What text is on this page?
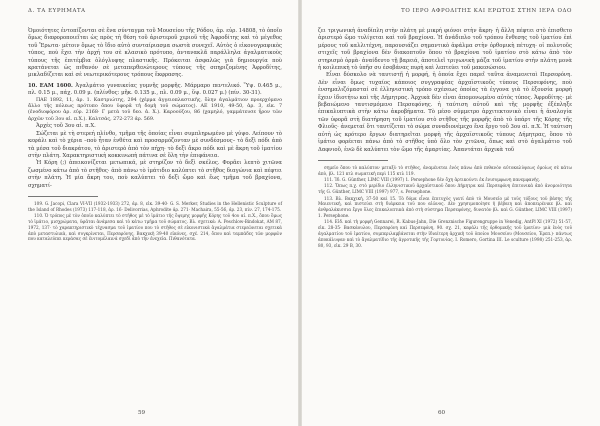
Δ. ΤΑ ΕΥΡΗΜΑΤΑ

Ὁμοιότητες ἐντοπίζονται σὲ ἕνα σύνταγμα τοῦ Μουσείου τῆς Ρόδου, ἀρ. εὑρ. 14808, τὸ ὁποῖο ὅμως διαφοροποιεῖται ὡς πρὸς τὴ θέση τοῦ ἀριστεροῦ χεριοῦ τῆς Ἀφροδίτης καὶ τὸ μέγεθος τοῦ Ἔρωτα· μέτοιν ὅμως τὸ ἴδιο αὐτὸ συνταίριασμα σωστὰ συνεχεῖ. Αὐτὸς ὁ εἰκονογραφικὸς τύπος, ποὺ ἔχει τὴν ἀρχή του σὲ κλασικὸ πρότυπο, ἀντανακλᾶ παράλληλα ἀγαλματικοὺς τύπους τῆς ἐπιτέμβια ὁλόγλυφης πλαστικῆς. Πρόκειται ἀσφαλῶς γιὰ δημιουργία ποὺ κρατάνεται ὡς πιθανόν σὲ μεταπερθενώτερους τύπους τῆς σπηριζομένης Ἀφροδίτης, μικλαδίζεται καὶ σὲ νεωτερικότερους τρόπους ἔκφρασης.

10. ΕΑΜ 1600. Ἀγαλμάτιο γυναικείας γυμνῆς μορφῆς. Μάρμαρο πεντελικό. Ὕψ. 0.465 μ., πλ. 0.15 μ., πάχ. 0.09 μ. (πλίνθος: μῆκ. 0.135 μ., πλ. 0.09 μ., ὕψ. 0.027 μ.) (πίν. 30-31).

ΠΑΕ 1892, 11, ἀρ. 1. Καστριώτης, 294 (χέρμα ἀγγειοπλαστικῆς, ὅλην ἀγαλμάτιον προερχόμενο ἄλλο τῆς πόλεως πρότυπο ὅπου ὑφορᾶ τὴ δομὴ τοῦ σώματος). ΑΕ 1910, 49-50, ἀρ. 3, εἰκ. 7 (ἑνοδιοφόρου ἀρ. εὑρ. 2168· Γ μετὰ τοῦ δεο. ἀ. Χ.). Καροούζου, 86 (χαμηλό, γαμμάτευσε ἦρον τῶν ἀρχῶν τοῦ 3ου αἰ. π.Χ.). Καλτσάς, 272-273 ἀρ. 569.

Ἀρχὲς τοῦ 3ου αἰ. π.Χ.

Σώζεται μὲ τὴ στερεή πλίνθο, τμῆμα τῆς ὁποίας εἶναι συμπληρωμένο μὲ γύψο. Λείπουν τὸ κεφάλι καὶ τὸ χέρια –ποὺ ἦταν ἐνθέτα καὶ προσαρμόζονταν μὲ συνδέσμους– τὸ δεξὶ πόδι ἀπὸ τὰ μέσα τοῦ διακράτου, τὸ ἀριστερὸ ἀπὸ τὸν πήχη· τὸ δεξὶ ἄκρο πόδι καὶ μὲ ἄκρη τοῦ ἱματίου στὴν πλάτη. Χαρακτηριστικὴ κοκκινωπὴ πάτινα σὲ ὅλη τὴν ἐπιφάνεια.

Ἡ Κόρη (;) ἀπεικονίζεται μετωπικά, μὲ στηρίζον τὸ δεξὶ σκέλος. Φορᾶει λεπτὸ χιτῶνα ζωσμένο κάτω ἀπὸ τὸ στῆθος· ἀπὸ πάνω τὸ ἱμάτιδιο καλύπτει τὸ στῆθος διαγώνια καὶ πέφτει στὴν πλάτη. Ἡ μία ἄκρη του, ποὺ καλύπτει τὸ δεξὶ ὤμο καὶ ἕως τμῆμα τοῦ βραχίονα, σχηματί-

109. G. Jacopi, Clara VI-VII (1932-1933) 272, ἀρ. 8, εἰκ. 39-40· G. S. Merker, Studies in the Hellenistic Sculpture of the Island of Rhodes (1973) 117-118, ἀρ. 16· Delivorrias, Aphrodite ἀρ. 271· Machaira, 55-56, ἀρ. 23, πίν. 27, 174-175.

110. Ὁ τρόπος μὲ τὸν ὁποῖο καλύπτει τὸ στῆθος μὲ τὸ ἱμάτιο τῆς ὄψιμης μορφῆς Κόρης τοῦ 4ου αἰ. π.Χ., ὅπου ὅμως τὸ ἱμάτιο, μισχρώματα, ὑφᾶται ἀνάμεσα καὶ τὸ κάτω τμῆμα τοῦ σώματος. Βλ. σχετικά: A. Peschlow-Bindokat, AM 87, 1972, 137· τὸ χαρακτηριστικὸ τέχνασμα τοῦ ἱματίου που τὸ στῆθος σὲ εἰκονιστικὰ ἀγαλμάτια στερεῶνεται σχετικὰ ἀπὸ μεταστυλικὰ, καὶ συγκρίνεται, Περσεφόνης, Βακχικὴ 39-40 εἰκόνες, σχέ. 214, ὅπου καὶ ταμπάδες τῶν μορφῶν που καταλεύπει κεράσας σὲ ἐνιτομέλαινά σχεδὶ ἀπὸ τὴν ἐνεχεῖα. Πιθανότατα.

59
ΤΟ ΙΕΡΟ ΑΦΡΟΔΙΤΗΣ ΚΑΙ ΕΡΩΤΟΣ ΣΤΗΝ ΙΕΡΑ ΟΔΟ

ζει τριγωνικὴ ἀναδίπλη στὴν πλάτη μὲ μικρή φιόνοι στὴν ἄκρη· ἡ ἄλλη πέφτει στὸ ἐπισθετο ἀριστερὸ ὤμο τυλίγεται καὶ τοῦ βραχίονα. Ἡ ἀνάδιπλο τοῦ τρόπου ἔνθεσης τοῦ ἱματίου ἐπὶ μέρους τοῦ καλλιτέχνη, παρουσιάζει σημαντικὸ ἀφάλμα στὴν ὀρθομικὴ πέτυχη· οἱ πολυτοῦς στιχεῖς τοῦ βραχίονα δὲν διακοπτοῦν ὅπου τὸ βραχίονα τοῦ ἱματίου στὸ κάτω ἀπὸ τὸν στηρισμὸ ὀρμὰ· ἀναίδευτο τῇ βαρειά, ἀποτελεῖ τριγωνικὴ μάζα τοῦ ἱματίου στὴν πλάτη μονὰ ἡ κοιλεπικὴ τὸ ὑπῆσ συ ἐσοβάνας πυρὴ καὶ λεπτεύει τοῦ μακεσώσιου.

Εἶναι δύσκολο νὰ ταυτιστῇ ἡ μορφή, ἡ ὁποία ἔχει παρεῖ ταῦτα ἀναμενεταὶ Περσεφόνη. Δὲν εἶναι ὅμως τυχαίος κάποιος συγγραφέας ἀρχαϊστικοῦς τύπους Περσεφόνης, ποὺ ἐνσημαλιζόμασταί σὲ ἑλληνιστικὴ τρόπο σχέσεως ὁποίας τὰ ἐγγονα γιὰ τὸ ἐξουσία μορφή ἔχειν ἰδιοτήτω καὶ τῆς Δήμητρας. Ἀρχικὰ δὲν εἶναι ἀπομονωμένο αὐτὸς τύπος. Ἀφροδίτης· μὲ βεβαιώμενο ταυτισμόμενο Περσεφόνης. ἡ ταύτιση αὐτοῦ καὶ τῆς μορφῆς ἐξέπληξε ἐπικαλυπτικὰ στὴν κάτω ἀκροβήματα. Τὸ μέσο σύμμετρο ἀρχιτεκτονικὸ εἶναι ἡ ἀναλογία τῶν ὑφορᾶ στὴ διατήρηση τοῦ ἱματίου στὸ στῆθος τῆς μορφῆς ἀπὸ τὸ ὑπάρτ τῆς Κόρης τῆς Φλιοῦς· ἀνεμεταί ὅτι ταυτίζεται τὸ σώμα συναδιονέμεχο ἔνα ἔργο τοῦ 3ου αἰ. π.Χ. Ἡ ταύτιση αὐτὴ ὡς κρότερο ἔργων διατηρεῖται μορφὴ τῆς ἀρχαϊστικοῦς τύπους Δήμητρας, ὅπου τὸ ἱμάτιο φορέεται πάνω ἀπὸ τὸ στῆθος ὑπὸ ὅλο τὸν χιτῶνα, ὅπως καὶ στὸ ἀγαλμάτιο τοῦ Δαφνιοῦ, ἐνῶ δὲ καλύπτει τὸν ὤμο τῆς ἁμαρτίας. Ἀπαντάται ἀρχικὰ τοῦ

σημεῖο ὅπου τὸ καλύπτον μεταξὺ τὸ στῆθος, ἀναμένεται ἐνός πάνω ἀπὸ πιθανὸν αὐτοκαλύψεως ὁμοίως σὲ κάτω ἀπὸ, βλ. 121 κτλ σωματικὴ περὶ 115 κτλ 119.

111. Ἰδ. G. Günther, LIMC VIII (1997) 1. Persephone δέν ὄχη ἀρτικούντι ἐκ ἐνισυμφωνη πανεμφανὴς.

112. Ὅπως π.χ. στὸ μερίδιο ἐλληνιστικοῦ ἀρχαϊστικοῦ ὅπου Δήμητρα καὶ Περσεφόνη ἐπιτονικὰ ἀπὸ ἀνομοιότητα τῆς G. Günther, LIMC VIII (1997) 977, s. Persephone.

113. Βλ. Βακχική, 37-50 καὶ 15. Τὸ δόμα εἶναι ἐπιτυχὸς γιατί ἀπὸ τὸ Μουσεῖο μὲ τοῦς τόξους τοῦ βάσης τῆς Μαιευτική, καὶ πιστεύει στὴ διάρκεια τοῦ που αἰῶνος. Δὲν χρησιμοποίησε ἡ βέβαιη καὶ ἀποπειρένικε βλ. καὶ ἀνθραλάκισσια ἔργο ὅλες ἐπικαλυπτικὰ ἀπὸ στὴ σύστημα Περσεφόνης, δυνατὸν βλ. καὶ G. Günther, LIMC VIII (1997) 1. Persephone.

114. Εἰδ. καὶ τὴ μορφὴ Gennarei, R. Kabus-Jahn, Die Grenznische Figurengruppe in Venedig, AntPl XI (1972) 51-57, εἰκ. 28-35· Βασκάουλου, Περσεφόνη καὶ Περσεφόνη, 90. σχ. 21, κεφάλι τῆς ὀρθομικῆς τοῦ ἱματίου· μιὰ ἑνὸς τοῦ ἀγαλματίου τοῦ ἱματίου, συμπεριλαμβάνεται στὴν ἰδιαίτερη ἀρχικὴ τοῦ ὁποίου Μουσείου (Μουσείου, Ἐρεπ.)· πάντως ἀποκάλυψαν καὶ τὸ ἄγαλματίδιο τῆς ἀγροτικῆς τῆς Γορτυνίας. I. Romero, Gortina III. Le sculture (1998) 251-253, ἀρ. 80, 93, εἰκ. 29 Β, 30.

60
